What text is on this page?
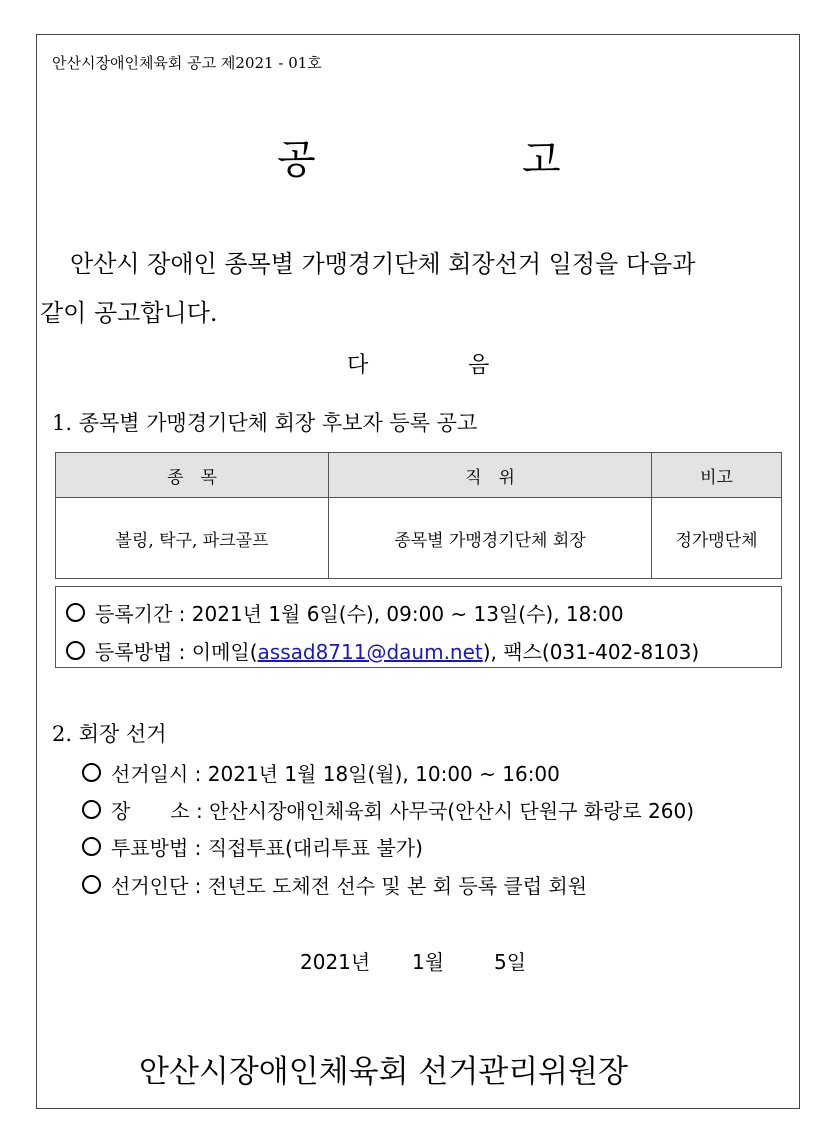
안산시장애인체육회 공고 제2021 - 01호
공	고
안산시 장애인 종목별 가맹경기단체 회장선거 일정을 다음과
같이 공고합니다.
다	음
1. 종목별 가맹경기단체 회장 후보자 등록 공고
종　목	직　위	비고
볼링, 탁구, 파크골프	종목별 가맹경기단체 회장	정가맹단체
등록기간 : 2021년 1월 6일(수), 09:00 ~ 13일(수), 18:00
등록방법 : 이메일(assad8711@daum.net), 팩스(031-402-8103)
2. 회장 선거
선거일시 : 2021년 1월 18일(월), 10:00 ~ 16:00
장　　소 : 안산시장애인체육회 사무국(안산시 단원구 화랑로 260)
투표방법 : 직접투표(대리투표 불가)
선거인단 : 전년도 도체전 선수 및 본 회 등록 클럽 회원
2021년 1월 5일
안산시장애인체육회 선거관리위원장
